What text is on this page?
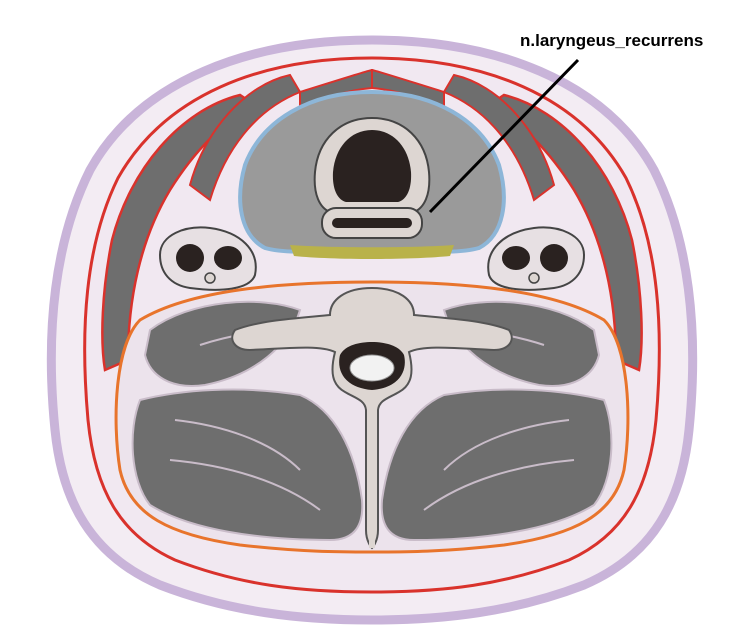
n.laryngeus_recurrens
